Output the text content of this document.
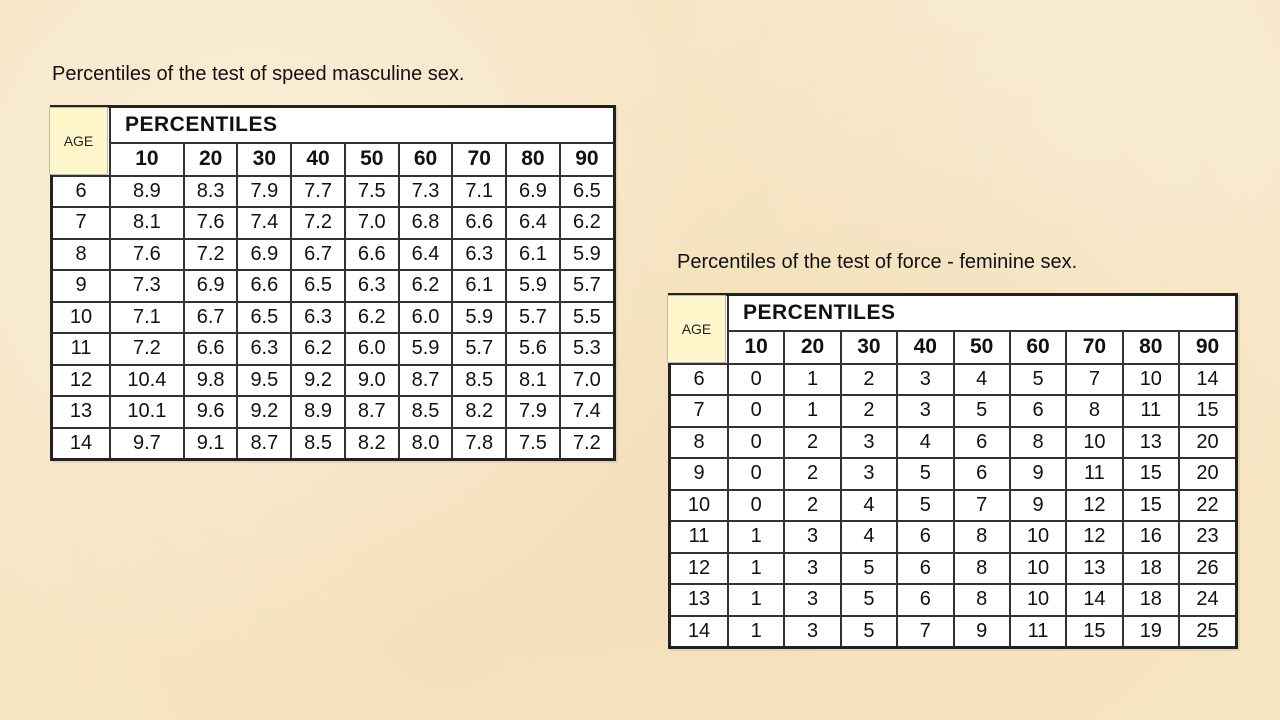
Percentiles of the test of speed masculine sex.
Percentiles of the test of force - feminine sex.
	PERCENTILES								
	10	20	30	40	50	60	70	80	90
6	8.9	8.3	7.9	7.7	7.5	7.3	7.1	6.9	6.5
7	8.1	7.6	7.4	7.2	7.0	6.8	6.6	6.4	6.2
8	7.6	7.2	6.9	6.7	6.6	6.4	6.3	6.1	5.9
9	7.3	6.9	6.6	6.5	6.3	6.2	6.1	5.9	5.7
10	7.1	6.7	6.5	6.3	6.2	6.0	5.9	5.7	5.5
11	7.2	6.6	6.3	6.2	6.0	5.9	5.7	5.6	5.3
12	10.4	9.8	9.5	9.2	9.0	8.7	8.5	8.1	7.0
13	10.1	9.6	9.2	8.9	8.7	8.5	8.2	7.9	7.4
14	9.7	9.1	8.7	8.5	8.2	8.0	7.8	7.5	7.2
	PERCENTILES								
	10	20	30	40	50	60	70	80	90
6	0	1	2	3	4	5	7	10	14
7	0	1	2	3	5	6	8	11	15
8	0	2	3	4	6	8	10	13	20
9	0	2	3	5	6	9	11	15	20
10	0	2	4	5	7	9	12	15	22
11	1	3	4	6	8	10	12	16	23
12	1	3	5	6	8	10	13	18	26
13	1	3	5	6	8	10	14	18	24
14	1	3	5	7	9	11	15	19	25
AGE
AGE
